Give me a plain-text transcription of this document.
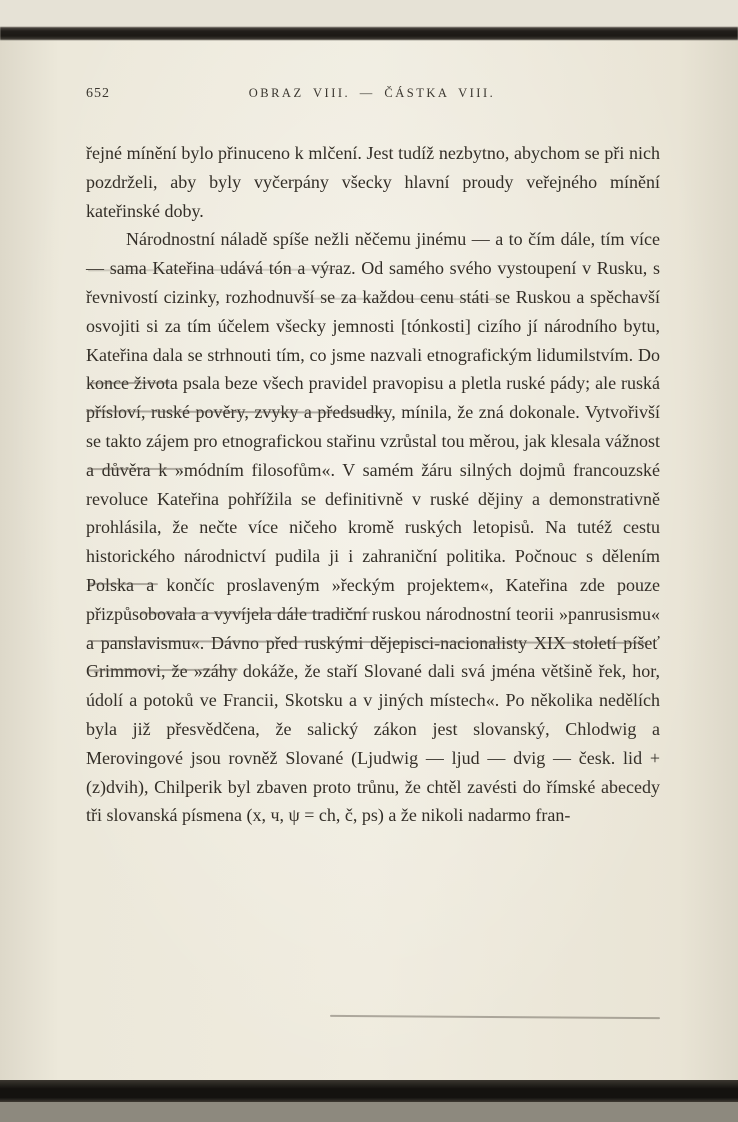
652	OBRAZ VIII. — ČÁSTKA VIII.

řejné mínění bylo přinuceno k mlčení. Jest tudíž nezbytno, abychom se při nich pozdrželi, aby byly vyčerpány všecky hlavní proudy veřejného mínění kateřinské doby.

Národnostní náladě spíše nežli něčemu jinému — a to čím dále, tím více — sama Kateřina udává tón a výraz. Od samého svého vystoupení v Rusku, s řevnivostí cizinky, rozhodnuvší se za každou cenu státi se Ruskou a spěchavší osvojiti si za tím účelem všecky jemnosti [tónkosti] cizího jí národního bytu, Kateřina dala se strhnouti tím, co jsme nazvali etnografickým lidumilstvím. Do konce života psala beze všech pravidel pravopisu a pletla ruské pády; ale ruská přísloví, ruské pověry, zvyky a předsudky, mínila, že zná dokonale. Vytvořivší se takto zájem pro etnografickou stařinu vzrůstal tou měrou, jak klesala vážnost a důvěra k »módním filosofům«. V samém žáru silných dojmů francouzské revoluce Kateřina pohřížila se definitivně v ruské dějiny a demonstrativně prohlásila, že nečte více ničeho kromě ruských letopisů. Na tutéž cestu historického národnictví pudila ji i zahraniční politika. Počnouc s dělením Polska a končíc proslaveným »řeckým projektem«, Kateřina zde pouze přizpůsobovala a vyvíjela dále tradiční ruskou národnostní teorii »panrusismu« a panslavismu«. Dávno před ruskými dějepisci-nacionalisty XIX století píšeť Grimmovi, že »záhy dokáže, že staří Slované dali svá jména většině řek, hor, údolí a potoků ve Francii, Skotsku a v jiných místech«. Po několika nedělích byla již přesvědčena, že salický zákon jest slovanský, Chlodwig a Merovingové jsou rovněž Slované (Ljudwig — ljud — dvig — česk. lid + (z)dvih), Chilperik byl zbaven proto trůnu, že chtěl zavésti do římské abecedy tři slovanská písmena (х, ч, ψ = ch, č, ps) a že nikoli nadarmo fran-
